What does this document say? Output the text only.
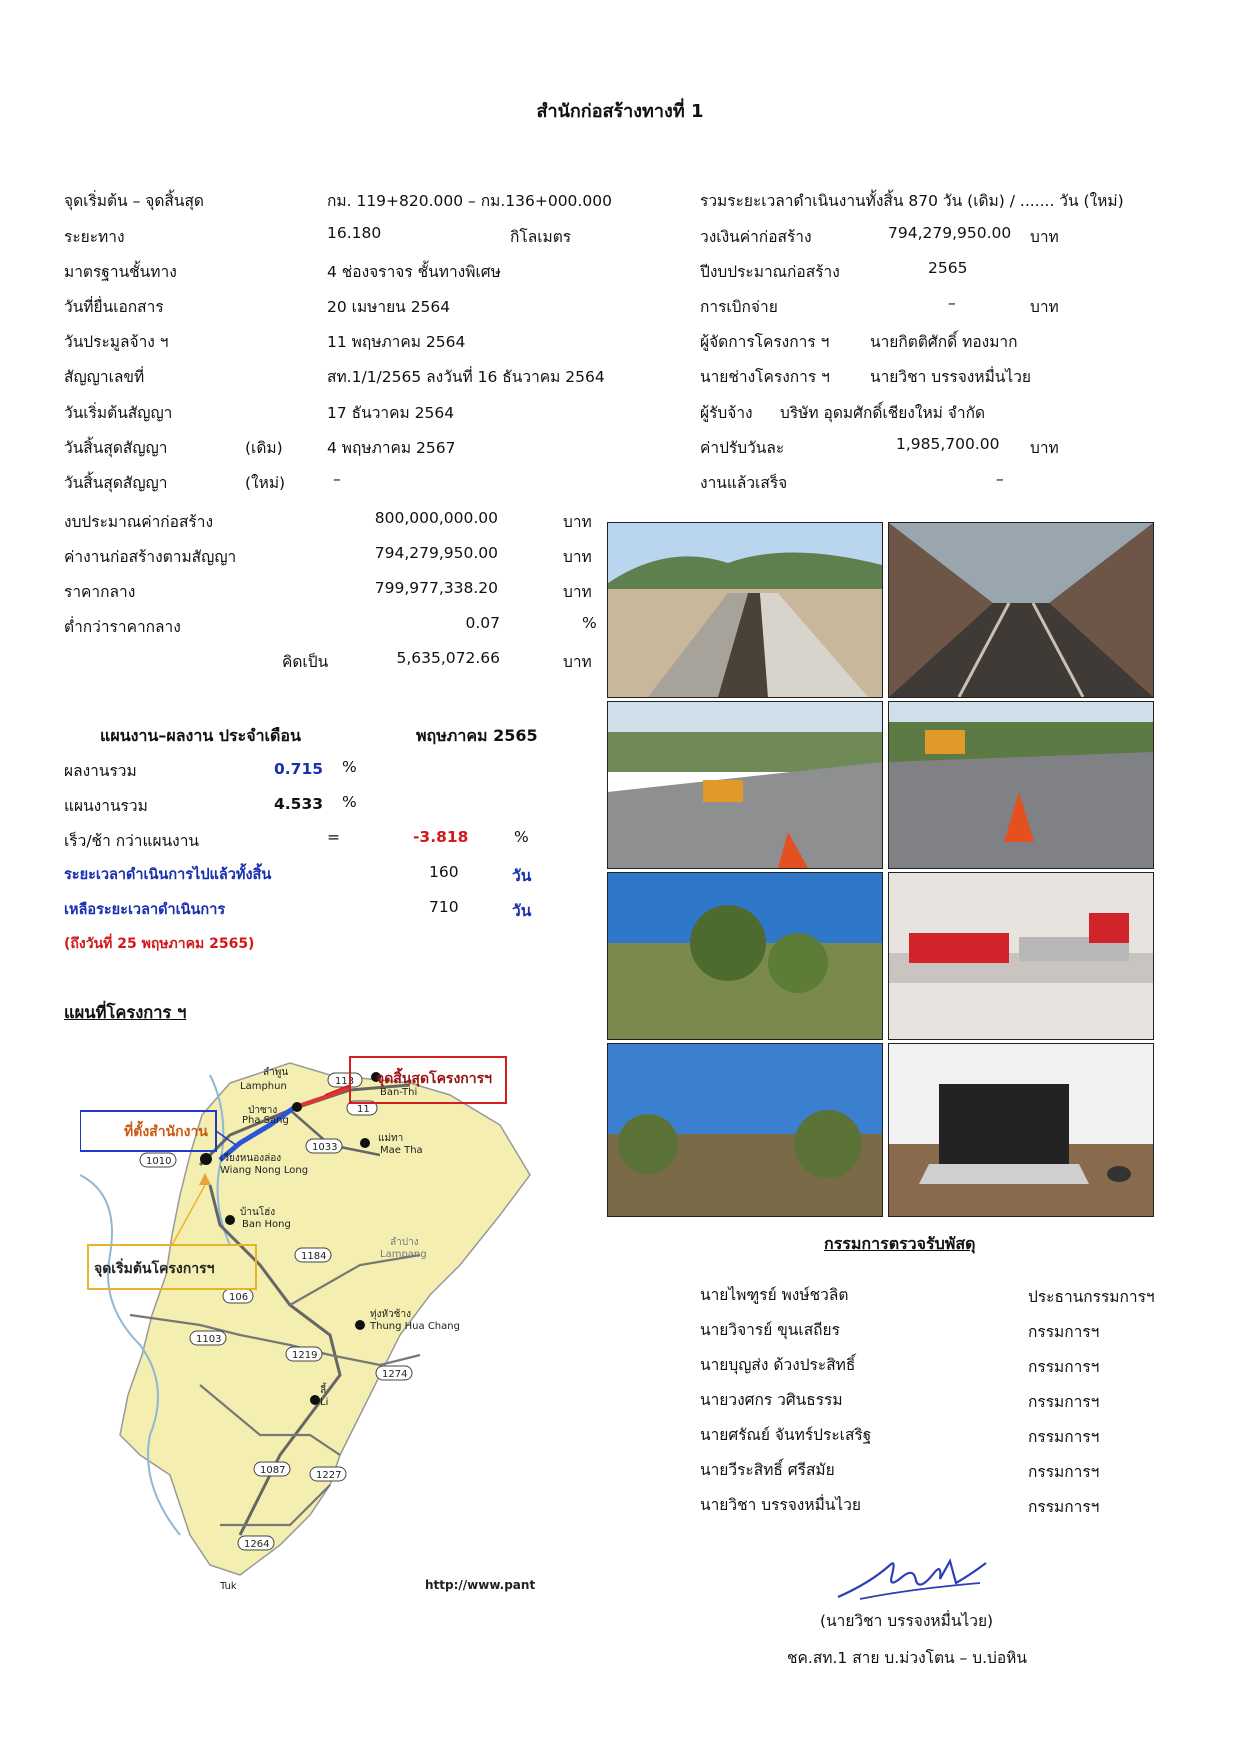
สำนักก่อสร้างทางที่ 1
จุดเริ่มต้น – จุดสิ้นสุด	กม. 119+820.000 – กม.136+000.000
ระยะทาง	16.180	กิโลเมตร
มาตรฐานชั้นทาง	4 ช่องจราจร ชั้นทางพิเศษ
วันที่ยื่นเอกสาร	20 เมษายน 2564
วันประมูลจ้าง ฯ	11 พฤษภาคม 2564
สัญญาเลขที่	สท.1/1/2565 ลงวันที่ 16 ธันวาคม 2564
วันเริ่มต้นสัญญา	17 ธันวาคม 2564
วันสิ้นสุดสัญญา	(เดิม)	4 พฤษภาคม 2567
วันสิ้นสุดสัญญา	(ใหม่)	–
รวมระยะเวลาดำเนินงานทั้งสิ้น 870 วัน (เดิม) / ....... วัน (ใหม่)
วงเงินค่าก่อสร้าง	794,279,950.00 บาท
ปีงบประมาณก่อสร้าง	2565
การเบิกจ่าย	–	บาท
ผู้จัดการโครงการ ฯ	นายกิตติศักดิ์ ทองมาก
นายช่างโครงการ ฯ	นายวิชา บรรจงหมื่นไวย
ผู้รับจ้าง บริษัท อุดมศักดิ์เชียงใหม่ จำกัด
ค่าปรับวันละ	1,985,700.00 บาท
งานแล้วเสร็จ	–
งบประมาณค่าก่อสร้าง	800,000,000.00	บาท
ค่างานก่อสร้างตามสัญญา	794,279,950.00	บาท
ราคากลาง	799,977,338.20	บาท
ต่ำกว่าราคากลาง	0.07	%
คิดเป็น	5,635,072.66	บาท
แผนงาน–ผลงาน ประจำเดือน	พฤษภาคม 2565
ผลงานรวม	0.715 %
แผนงานรวม	4.533 %
เร็ว/ช้า กว่าแผนงาน	=	-3.818	%
ระยะเวลาดำเนินการไปแล้วทั้งสิ้น	160	วัน
เหลือระยะเวลาดำเนินการ	710	วัน
(ถึงวันที่ 25 พฤษภาคม 2565)
แผนที่โครงการ ฯ
113
11
1033
1010
1184
106
1103
1219
1274
1087	1227
1264
ลำพูน
Lamphun
ป่าซาง
Pha Sang
Ban-Thi
แม่ทา
Mae Tha
เวียงหนองล่อง
Wiang Nong Long
บ้านโฮ่ง
Ban Hong
ลำปาง
Lampang
ทุ่งหัวช้าง
Thung Hua Chang
ลี้
Li
Tuk	http://www.pant
จุดสิ้นสุดโครงการฯ
ที่ตั้งสำนักงาน
จุดเริ่มต้นโครงการฯ
กรรมการตรวจรับพัสดุ
นายไพฑูรย์ พงษ์ชวลิต	ประธานกรรมการฯ
นายวิจารย์ ขุนเสถียร	กรรมการฯ
นายบุญส่ง ด้วงประสิทธิ์	กรรมการฯ
นายวงศกร วศินธรรม	กรรมการฯ
นายศรัณย์ จันทร์ประเสริฐ	กรรมการฯ
นายวีระสิทธิ์ ศรีสมัย	กรรมการฯ
นายวิชา บรรจงหมื่นไวย	กรรมการฯ
(นายวิชา บรรจงหมื่นไวย)
ชค.สท.1 สาย บ.ม่วงโตน – บ.บ่อหิน
